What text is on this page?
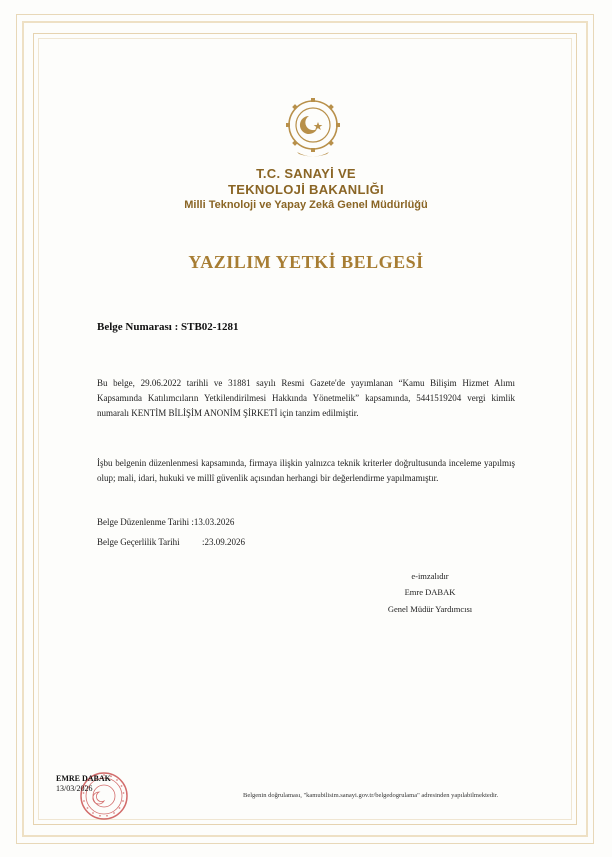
T.C. SANAYİ VE
TEKNOLOJİ BAKANLIĞI
Milli Teknoloji ve Yapay Zekâ Genel Müdürlüğü
YAZILIM YETKİ BELGESİ
Belge Numarası : STB02-1281
Bu belge, 29.06.2022 tarihli ve 31881 sayılı Resmi Gazete'de yayımlanan “Kamu Bilişim Hizmet Alımı Kapsamında Katılımcıların Yetkilendirilmesi Hakkında Yönetmelik” kapsamında, 5441519204 vergi kimlik numaralı KENTİM BİLİŞİM ANONİM ŞİRKETİ için tanzim edilmiştir.
İşbu belgenin düzenlenmesi kapsamında, firmaya ilişkin yalnızca teknik kriterler doğrultusunda inceleme yapılmış olup; mali, idari, hukuki ve millî güvenlik açısından herhangi bir değerlendirme yapılmamıştır.
Belge Düzenlenme Tarihi :13.03.2026
Belge Geçerlilik Tarihi :23.09.2026
e-imzalıdır
Emre DABAK
Genel Müdür Yardımcısı
EMRE DABAK
13/03/2026
Belgenin doğrulaması, "kamubilisim.sanayi.gov.tr/belgedogrulama" adresinden yapılabilmektedir.
